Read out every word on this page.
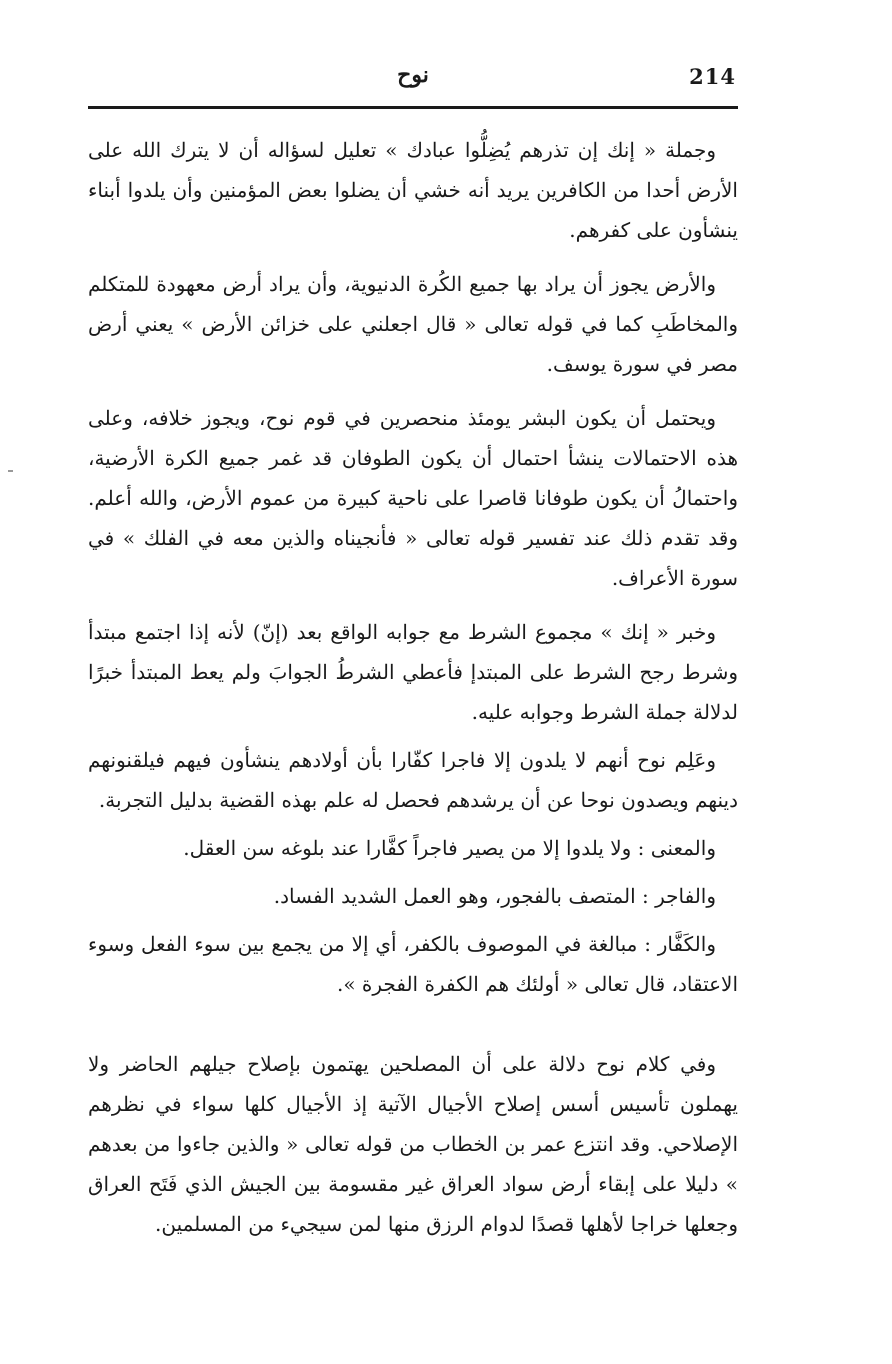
نوح	214

وجملة « إنك إن تذرهم يُضِلُّوا عبادك » تعليل لسؤاله أن لا يترك الله على الأرض أحدا من الكافرين يريد أنه خشي أن يضلوا بعض المؤمنين وأن يلدوا أبناء ينشأون على كفرهم.

والأرض يجوز أن يراد بها جميع الكُرة الدنيوية، وأن يراد أرض معهودة للمتكلم والمخاطَبِ كما في قوله تعالى « قال اجعلني على خزائن الأرض » يعني أرض مصر في سورة يوسف.

ويحتمل أن يكون البشر يومئذ منحصرين في قوم نوح، ويجوز خلافه، وعلى هذه الاحتمالات ينشأ احتمال أن يكون الطوفان قد غمر جميع الكرة الأرضية، واحتمالُ أن يكون طوفانا قاصرا على ناحية كبيرة من عموم الأرض، والله أعلم. وقد تقدم ذلك عند تفسير قوله تعالى « فأنجيناه والذين معه في الفلك » في سورة الأعراف.

وخبر « إنك » مجموع الشرط مع جوابه الواقع بعد (إنّ) لأنه إذا اجتمع مبتدأ وشرط رجح الشرط على المبتدإ فأعطي الشرطُ الجوابَ ولم يعط المبتدأ خبرًا لدلالة جملة الشرط وجوابه عليه.

وعَلِم نوح أنهم لا يلدون إلا فاجرا كفّارا بأن أولادهم ينشأون فيهم فيلقنونهم دينهم ويصدون نوحا عن أن يرشدهم فحصل له علم بهذه القضية بدليل التجربة.

والمعنى : ولا يلدوا إلا من يصير فاجراً كفَّارا عند بلوغه سن العقل.

والفاجر : المتصف بالفجور، وهو العمل الشديد الفساد.

والكَفَّار : مبالغة في الموصوف بالكفر، أي إلا من يجمع بين سوء الفعل وسوء الاعتقاد، قال تعالى « أولئك هم الكفرة الفجرة ».

وفي كلام نوح دلالة على أن المصلحين يهتمون بإصلاح جيلهم الحاضر ولا يهملون تأسيس أسس إصلاح الأجيال الآتية إذ الأجيال كلها سواء في نظرهم الإصلاحي. وقد انتزع عمر بن الخطاب من قوله تعالى « والذين جاءوا من بعدهم » دليلا على إبقاء أرض سواد العراق غير مقسومة بين الجيش الذي فَتَح العراق وجعلها خراجا لأهلها قصدًا لدوام الرزق منها لمن سيجيء من المسلمين.
